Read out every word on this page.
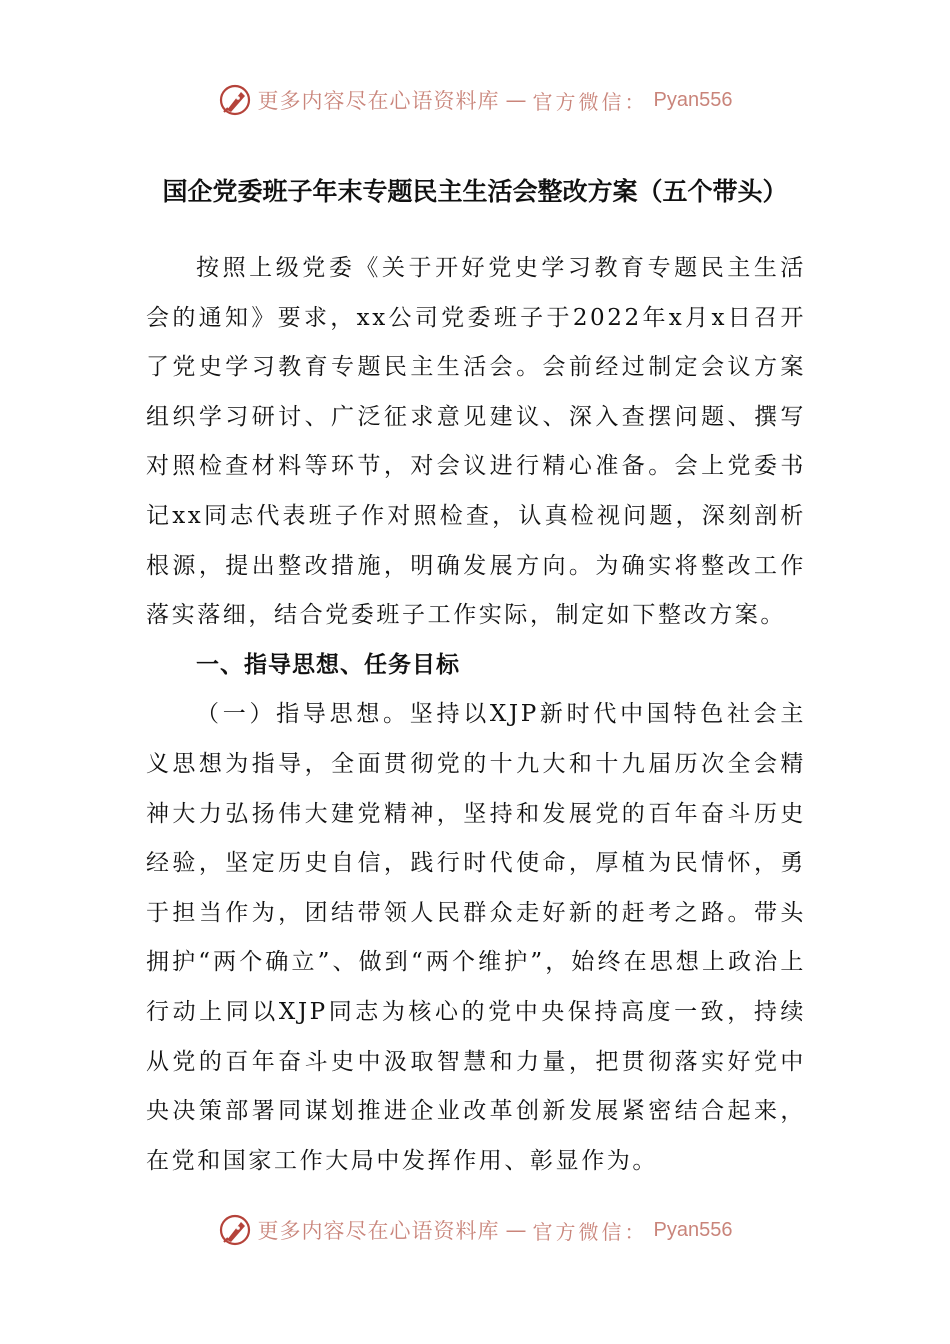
更多内容尽在心语资料库 — 官方微信： Pyan556
国企党委班子年末专题民主生活会整改方案（五个带头）

按照上级党委《关于开好党史学习教育专题民主生活会的通知》要求，xx公司党委班子于2022年x月x日召开了党史学习教育专题民主生活会。会前经过制定会议方案组织学习研讨、广泛征求意见建议、深入查摆问题、撰写对照检查材料等环节，对会议进行精心准备。会上党委书记xx同志代表班子作对照检查，认真检视问题，深刻剖析根源，提出整改措施，明确发展方向。为确实将整改工作落实落细，结合党委班子工作实际，制定如下整改方案。

一、指导思想、任务目标

（一）指导思想。坚持以XJP新时代中国特色社会主义思想为指导，全面贯彻党的十九大和十九届历次全会精神大力弘扬伟大建党精神，坚持和发展党的百年奋斗历史经验，坚定历史自信，践行时代使命，厚植为民情怀，勇于担当作为，团结带领人民群众走好新的赶考之路。带头拥护“两个确立”、做到“两个维护”，始终在思想上政治上行动上同以XJP同志为核心的党中央保持高度一致，持续从党的百年奋斗史中汲取智慧和力量，把贯彻落实好党中央决策部署同谋划推进企业改革创新发展紧密结合起来，在党和国家工作大局中发挥作用、彰显作为。

更多内容尽在心语资料库 — 官方微信： Pyan556
